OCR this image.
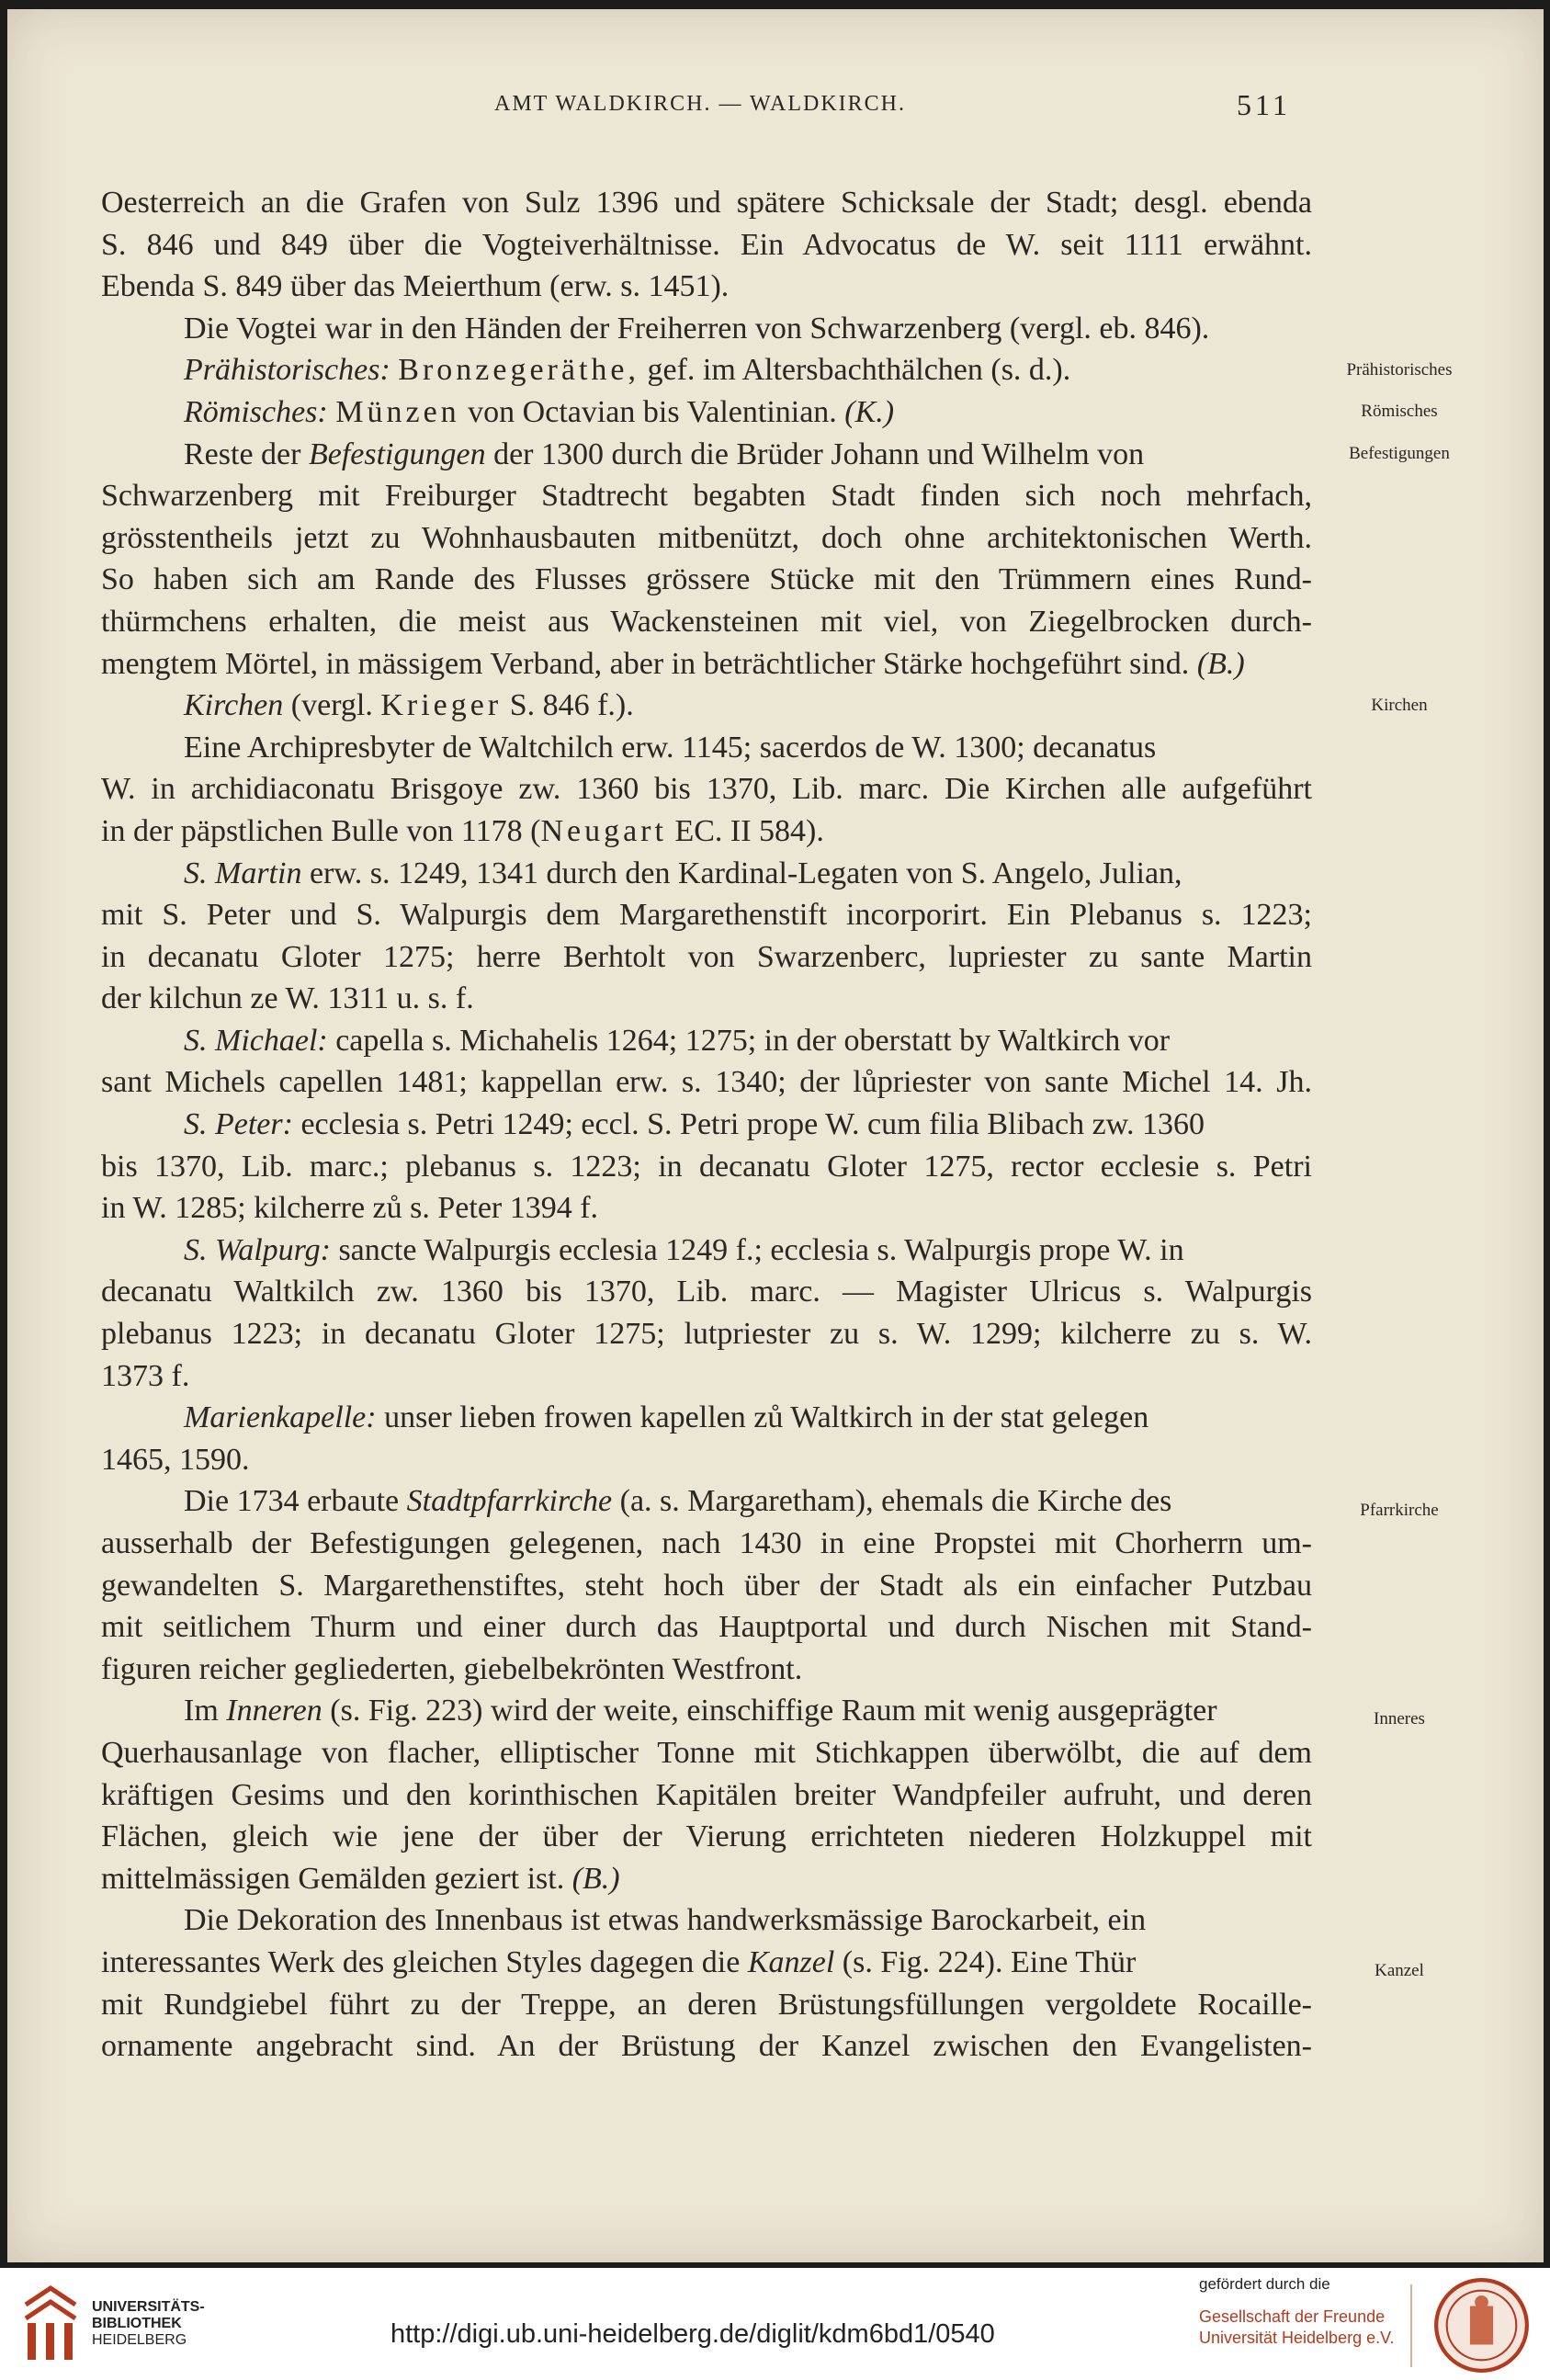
AMT WALDKIRCH. — WALDKIRCH.	511
Oesterreich an die Grafen von Sulz 1396 und spätere Schicksale der Stadt; desgl. ebenda
S. 846 und 849 über die Vogteiverhältnisse. Ein Advocatus de W. seit 1111 erwähnt.
Ebenda S. 849 über das Meierthum (erw. s. 1451).
Die Vogtei war in den Händen der Freiherren von Schwarzenberg (vergl. eb. 846).
Prähistorisches: Bronzegeräthe, gef. im Altersbachthälchen (s. d.).
Römisches: Münzen von Octavian bis Valentinian. (K.)
Reste der Befestigungen der 1300 durch die Brüder Johann und Wilhelm von
Schwarzenberg mit Freiburger Stadtrecht begabten Stadt finden sich noch mehrfach,
grösstentheils jetzt zu Wohnhausbauten mitbenützt, doch ohne architektonischen Werth.
So haben sich am Rande des Flusses grössere Stücke mit den Trümmern eines Rund-
thürmchens erhalten, die meist aus Wackensteinen mit viel, von Ziegelbrocken durch-
mengtem Mörtel, in mässigem Verband, aber in beträchtlicher Stärke hochgeführt sind. (B.)
Kirchen (vergl. Krieger S. 846 f.).
Eine Archipresbyter de Waltchilch erw. 1145; sacerdos de W. 1300; decanatus
W. in archidiaconatu Brisgoye zw. 1360 bis 1370, Lib. marc. Die Kirchen alle aufgeführt
in der päpstlichen Bulle von 1178 (Neugart EC. II 584).
S. Martin erw. s. 1249, 1341 durch den Kardinal-Legaten von S. Angelo, Julian,
mit S. Peter und S. Walpurgis dem Margarethenstift incorporirt. Ein Plebanus s. 1223;
in decanatu Gloter 1275; herre Berhtolt von Swarzenberc, lupriester zu sante Martin
der kilchun ze W. 1311 u. s. f.
S. Michael: capella s. Michahelis 1264; 1275; in der oberstatt by Waltkirch vor
sant Michels capellen 1481; kappellan erw. s. 1340; der lůpriester von sante Michel 14. Jh.
S. Peter: ecclesia s. Petri 1249; eccl. S. Petri prope W. cum filia Blibach zw. 1360
bis 1370, Lib. marc.; plebanus s. 1223; in decanatu Gloter 1275, rector ecclesie s. Petri
in W. 1285; kilcherre zů s. Peter 1394 f.
S. Walpurg: sancte Walpurgis ecclesia 1249 f.; ecclesia s. Walpurgis prope W. in
decanatu Waltkilch zw. 1360 bis 1370, Lib. marc. — Magister Ulricus s. Walpurgis
plebanus 1223; in decanatu Gloter 1275; lutpriester zu s. W. 1299; kilcherre zu s. W.
1373 f.
Marienkapelle: unser lieben frowen kapellen zů Waltkirch in der stat gelegen
1465, 1590.
Die 1734 erbaute Stadtpfarrkirche (a. s. Margaretham), ehemals die Kirche des
ausserhalb der Befestigungen gelegenen, nach 1430 in eine Propstei mit Chorherrn um-
gewandelten S. Margarethenstiftes, steht hoch über der Stadt als ein einfacher Putzbau
mit seitlichem Thurm und einer durch das Hauptportal und durch Nischen mit Stand-
figuren reicher gegliederten, giebelbekrönten Westfront.
Im Inneren (s. Fig. 223) wird der weite, einschiffige Raum mit wenig ausgeprägter
Querhausanlage von flacher, elliptischer Tonne mit Stichkappen überwölbt, die auf dem
kräftigen Gesims und den korinthischen Kapitälen breiter Wandpfeiler aufruht, und deren
Flächen, gleich wie jene der über der Vierung errichteten niederen Holzkuppel mit
mittelmässigen Gemälden geziert ist. (B.)
Die Dekoration des Innenbaus ist etwas handwerksmässige Barockarbeit, ein
interessantes Werk des gleichen Styles dagegen die Kanzel (s. Fig. 224). Eine Thür
mit Rundgiebel führt zu der Treppe, an deren Brüstungsfüllungen vergoldete Rocaille-
ornamente angebracht sind. An der Brüstung der Kanzel zwischen den Evangelisten-
Prähistorisches
Römisches
Befestigungen
Kirchen
Pfarrkirche
Inneres
Kanzel
UNIVERSITÄTS-
BIBLIOTHEK
HEIDELBERG	http://digi.ub.uni-heidelberg.de/diglit/kdm6bd1/0540
gefördert durch die
Gesellschaft der Freunde
Universität Heidelberg e.V.
